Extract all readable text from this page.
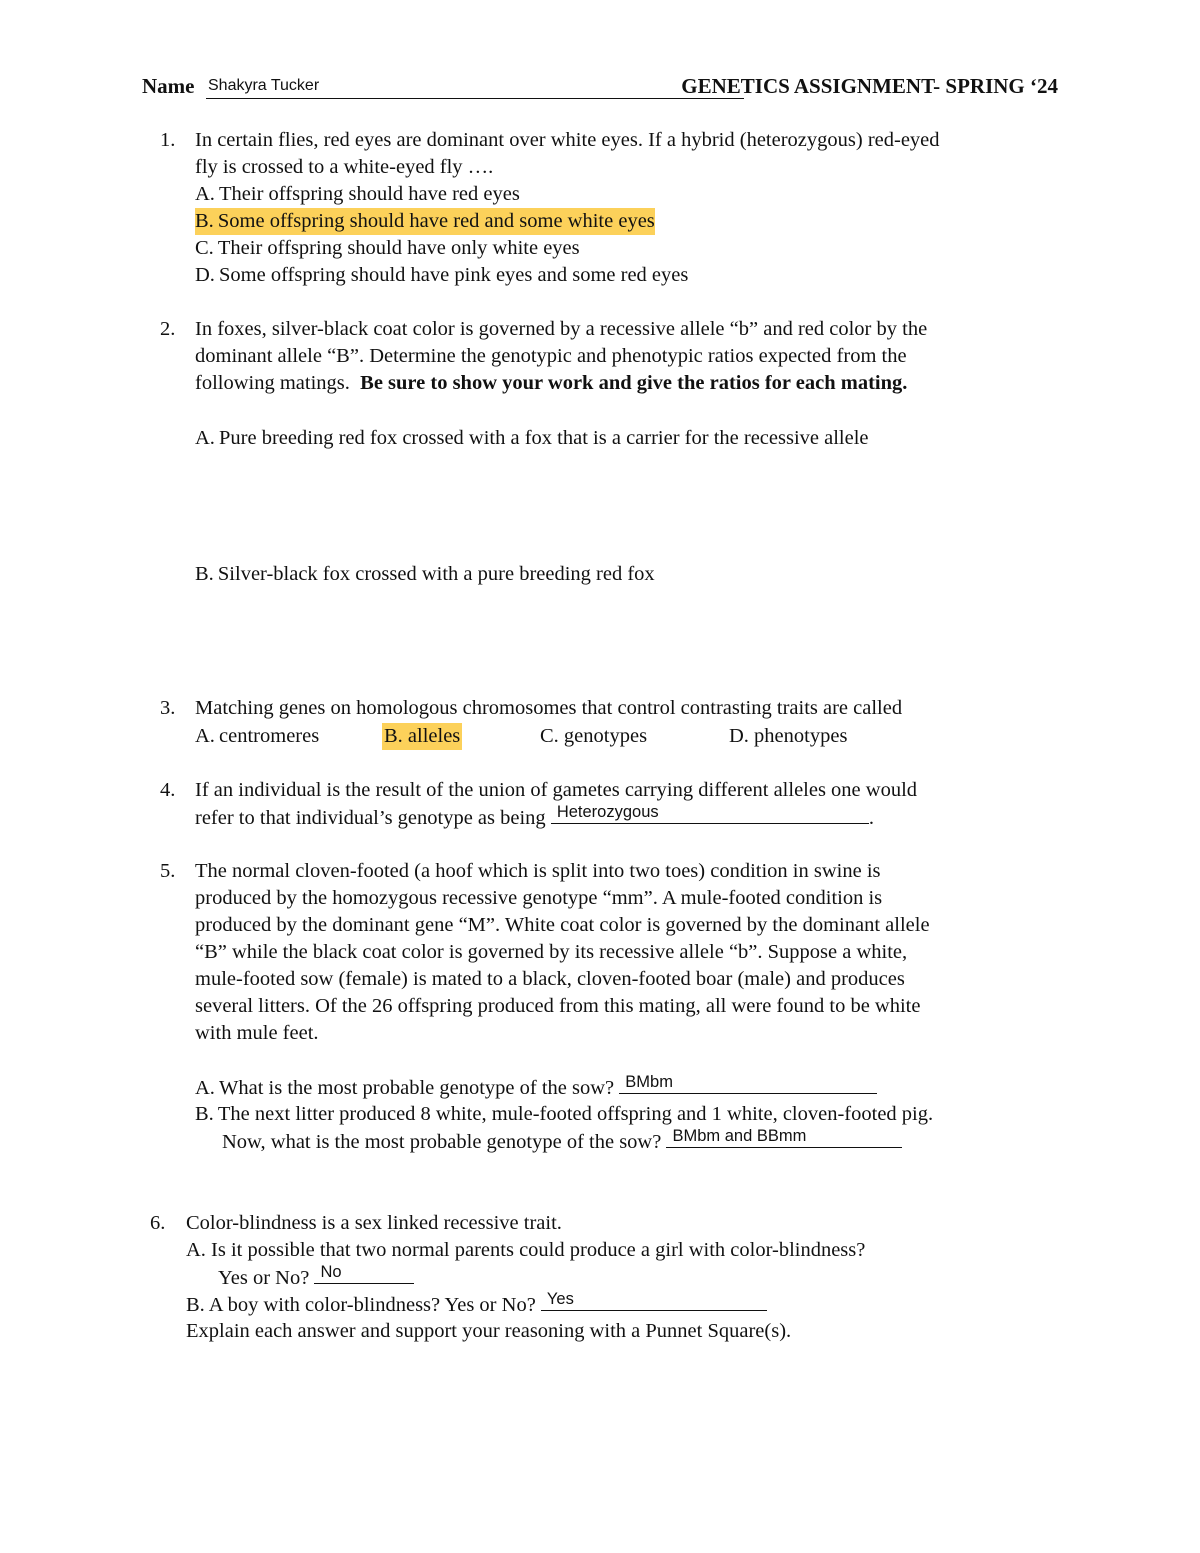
Name Shakyra Tucker	GENETICS ASSIGNMENT- SPRING ‘24
1. In certain flies, red eyes are dominant over white eyes. If a hybrid (heterozygous) red-eyed
fly is crossed to a white-eyed fly ….
A. Their offspring should have red eyes
B. Some offspring should have red and some white eyes
C. Their offspring should have only white eyes
D. Some offspring should have pink eyes and some red eyes
2. In foxes, silver-black coat color is governed by a recessive allele “b” and red color by the
dominant allele “B”. Determine the genotypic and phenotypic ratios expected from the
following matings. Be sure to show your work and give the ratios for each mating.
A. Pure breeding red fox crossed with a fox that is a carrier for the recessive allele
B. Silver-black fox crossed with a pure breeding red fox
3. Matching genes on homologous chromosomes that control contrasting traits are called
A. centromeres	B. alleles	C. genotypes	D. phenotypes
4. If an individual is the result of the union of gametes carrying different alleles one would
refer to that individual’s genotype as being Heterozygous	.
5. The normal cloven-footed (a hoof which is split into two toes) condition in swine is
produced by the homozygous recessive genotype “mm”. A mule-footed condition is
produced by the dominant gene “M”. White coat color is governed by the dominant allele
“B” while the black coat color is governed by its recessive allele “b”. Suppose a white,
mule-footed sow (female) is mated to a black, cloven-footed boar (male) and produces
several litters. Of the 26 offspring produced from this mating, all were found to be white
with mule feet.
A. What is the most probable genotype of the sow? BMbm
B. The next litter produced 8 white, mule-footed offspring and 1 white, cloven-footed pig.
Now, what is the most probable genotype of the sow? BMbm and BBmm
6. Color-blindness is a sex linked recessive trait.
A. Is it possible that two normal parents could produce a girl with color-blindness?
Yes or No? No
B. A boy with color-blindness? Yes or No? Yes
Explain each answer and support your reasoning with a Punnet Square(s).
